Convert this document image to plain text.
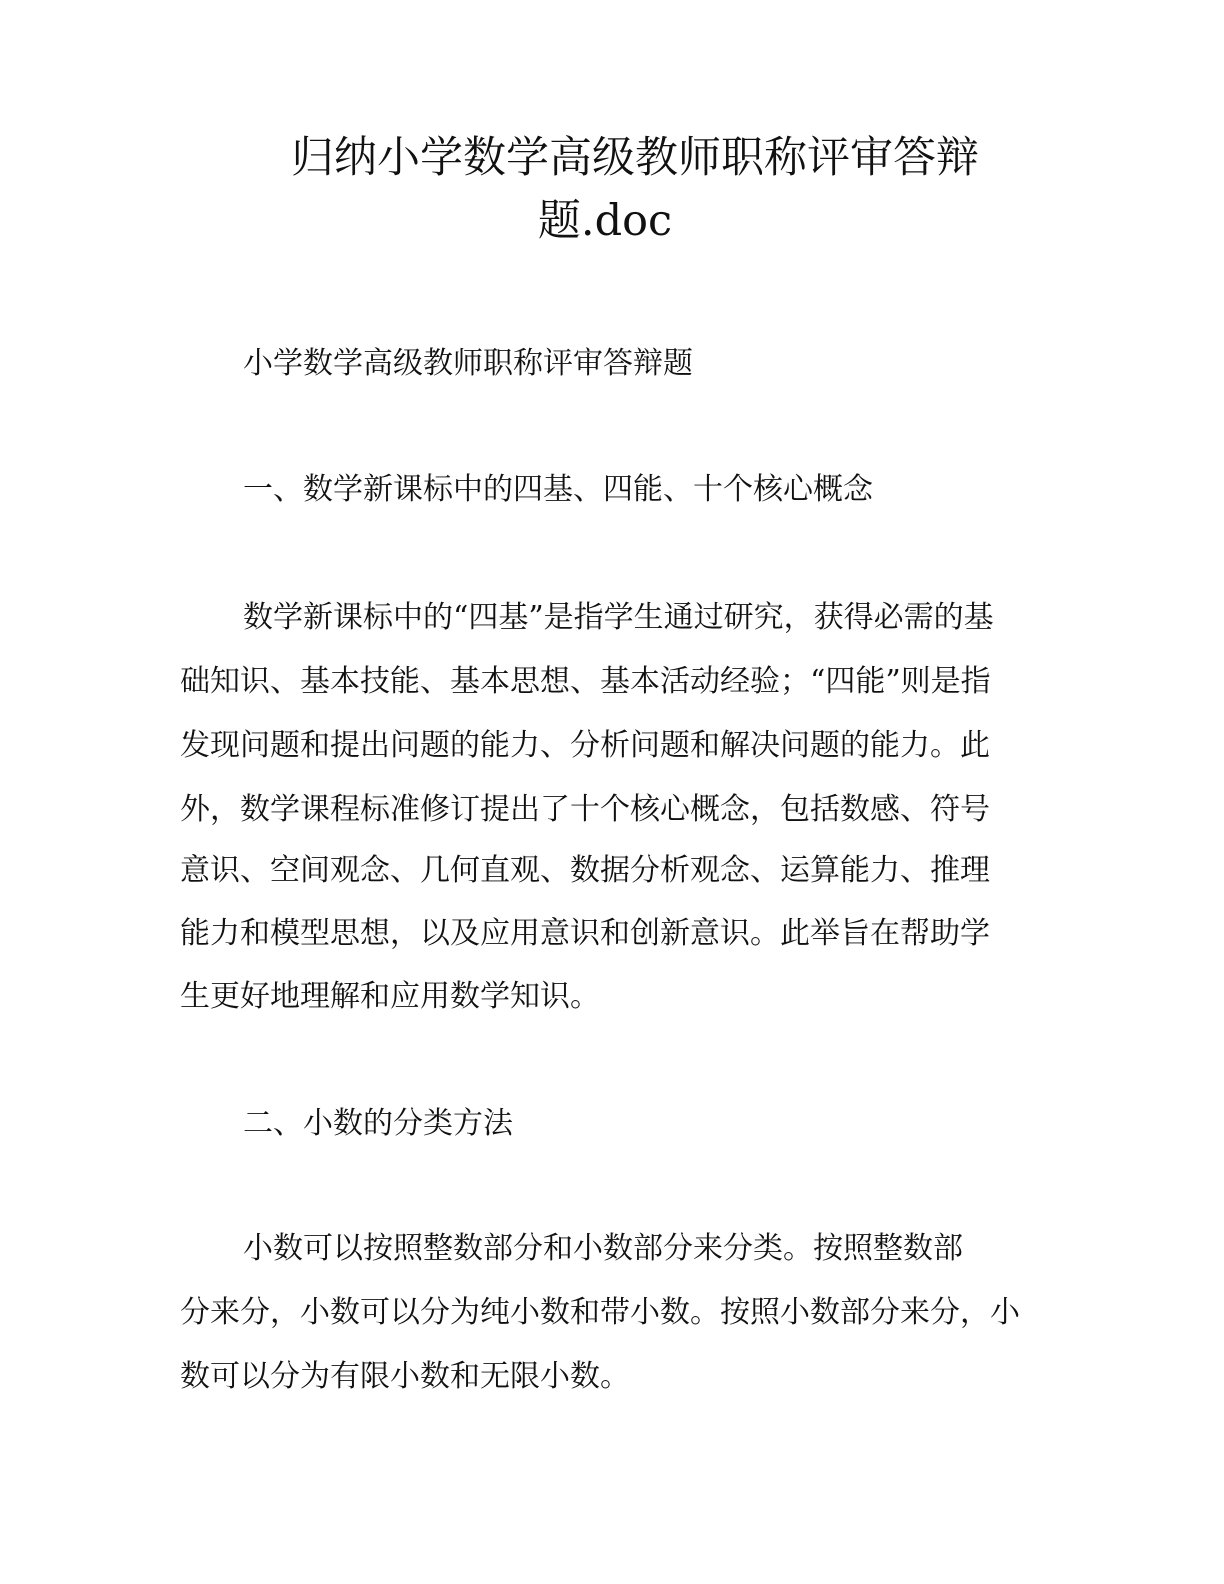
归纳小学数学高级教师职称评审答辩
题.doc

小学数学高级教师职称评审答辩题

一、数学新课标中的四基、四能、十个核心概念

数学新课标中的“四基”是指学生通过研究，获得必需的基

础知识、基本技能、基本思想、基本活动经验；“四能”则是指

发现问题和提出问题的能力、分析问题和解决问题的能力。此

外，数学课程标准修订提出了十个核心概念，包括数感、符号

意识、空间观念、几何直观、数据分析观念、运算能力、推理

能力和模型思想，以及应用意识和创新意识。此举旨在帮助学

生更好地理解和应用数学知识。

二、小数的分类方法

小数可以按照整数部分和小数部分来分类。按照整数部

分来分，小数可以分为纯小数和带小数。按照小数部分来分，小

数可以分为有限小数和无限小数。
